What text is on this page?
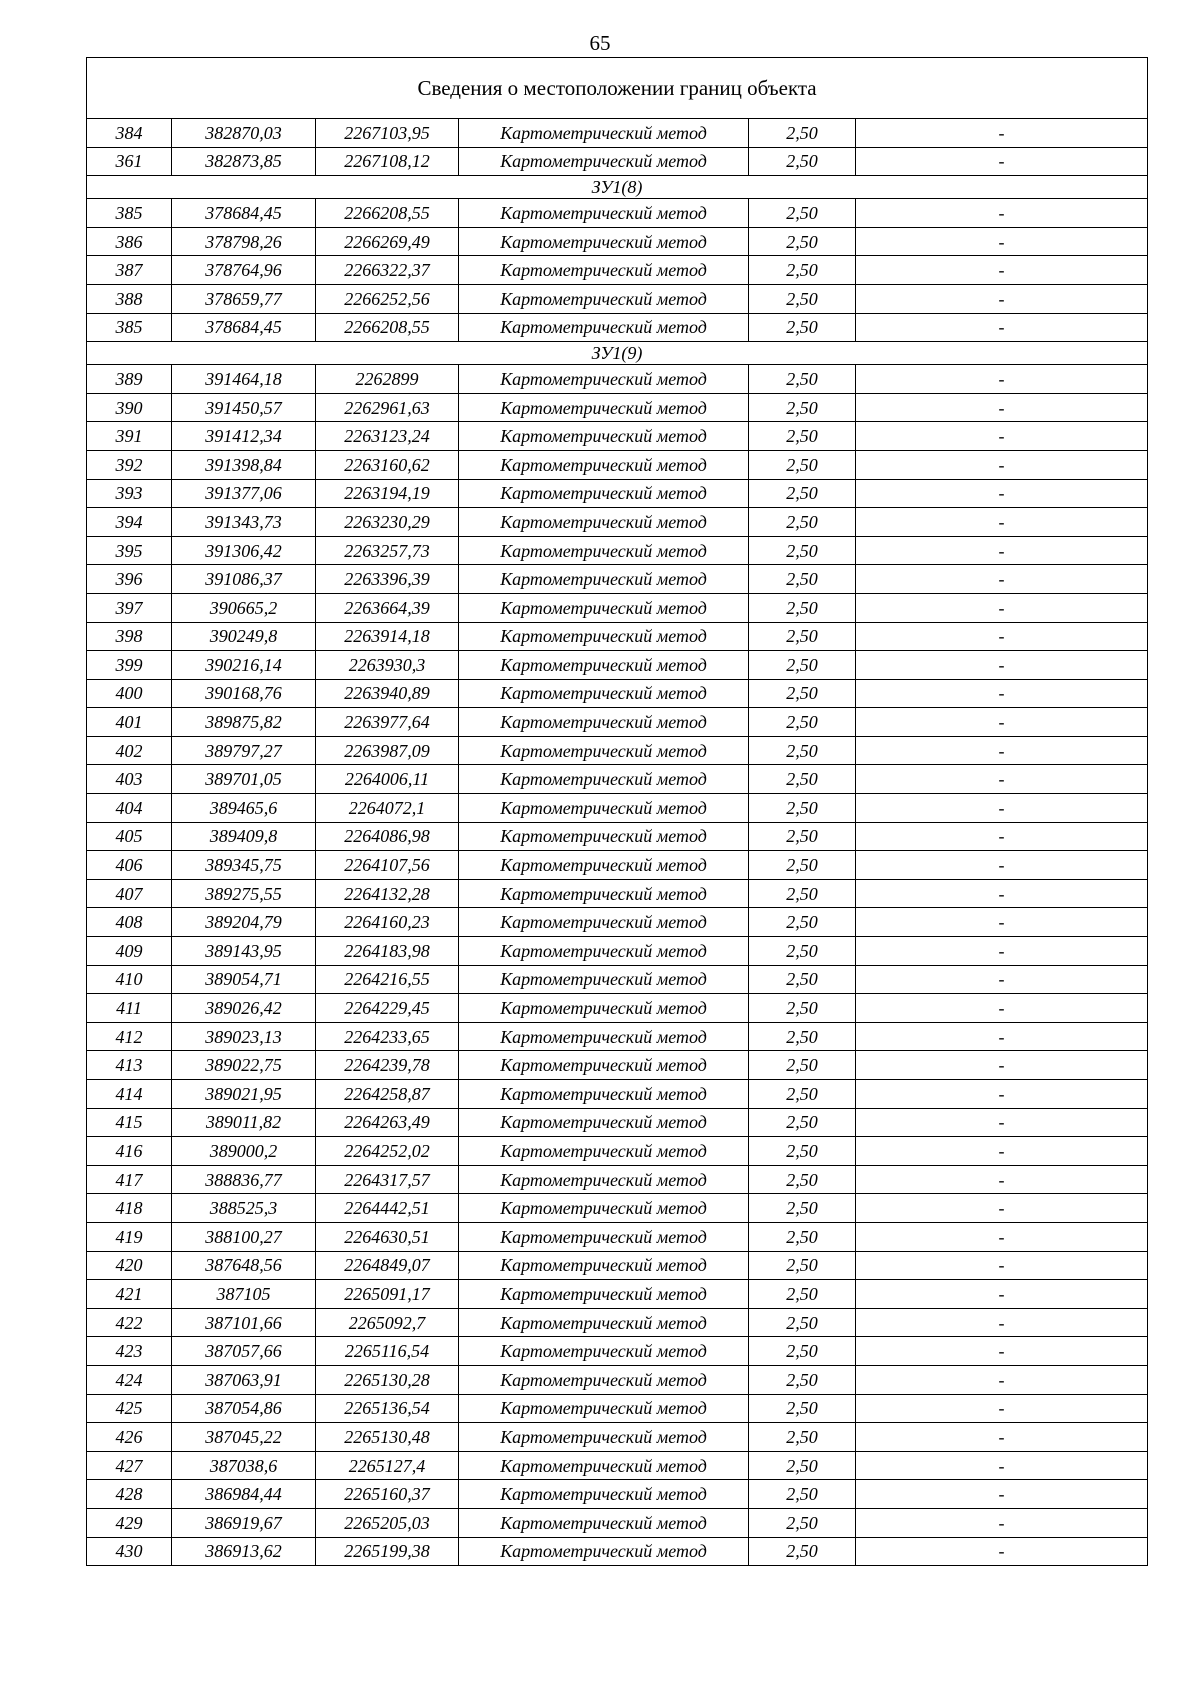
65
Сведения о местоположении границ объекта					
384	382870,03	2267103,95	Картометрический метод	2,50	-
361	382873,85	2267108,12	Картометрический метод	2,50	-
ЗУ1(8)					
385	378684,45	2266208,55	Картометрический метод	2,50	-
386	378798,26	2266269,49	Картометрический метод	2,50	-
387	378764,96	2266322,37	Картометрический метод	2,50	-
388	378659,77	2266252,56	Картометрический метод	2,50	-
385	378684,45	2266208,55	Картометрический метод	2,50	-
ЗУ1(9)					
389	391464,18	2262899	Картометрический метод	2,50	-
390	391450,57	2262961,63	Картометрический метод	2,50	-
391	391412,34	2263123,24	Картометрический метод	2,50	-
392	391398,84	2263160,62	Картометрический метод	2,50	-
393	391377,06	2263194,19	Картометрический метод	2,50	-
394	391343,73	2263230,29	Картометрический метод	2,50	-
395	391306,42	2263257,73	Картометрический метод	2,50	-
396	391086,37	2263396,39	Картометрический метод	2,50	-
397	390665,2	2263664,39	Картометрический метод	2,50	-
398	390249,8	2263914,18	Картометрический метод	2,50	-
399	390216,14	2263930,3	Картометрический метод	2,50	-
400	390168,76	2263940,89	Картометрический метод	2,50	-
401	389875,82	2263977,64	Картометрический метод	2,50	-
402	389797,27	2263987,09	Картометрический метод	2,50	-
403	389701,05	2264006,11	Картометрический метод	2,50	-
404	389465,6	2264072,1	Картометрический метод	2,50	-
405	389409,8	2264086,98	Картометрический метод	2,50	-
406	389345,75	2264107,56	Картометрический метод	2,50	-
407	389275,55	2264132,28	Картометрический метод	2,50	-
408	389204,79	2264160,23	Картометрический метод	2,50	-
409	389143,95	2264183,98	Картометрический метод	2,50	-
410	389054,71	2264216,55	Картометрический метод	2,50	-
411	389026,42	2264229,45	Картометрический метод	2,50	-
412	389023,13	2264233,65	Картометрический метод	2,50	-
413	389022,75	2264239,78	Картометрический метод	2,50	-
414	389021,95	2264258,87	Картометрический метод	2,50	-
415	389011,82	2264263,49	Картометрический метод	2,50	-
416	389000,2	2264252,02	Картометрический метод	2,50	-
417	388836,77	2264317,57	Картометрический метод	2,50	-
418	388525,3	2264442,51	Картометрический метод	2,50	-
419	388100,27	2264630,51	Картометрический метод	2,50	-
420	387648,56	2264849,07	Картометрический метод	2,50	-
421	387105	2265091,17	Картометрический метод	2,50	-
422	387101,66	2265092,7	Картометрический метод	2,50	-
423	387057,66	2265116,54	Картометрический метод	2,50	-
424	387063,91	2265130,28	Картометрический метод	2,50	-
425	387054,86	2265136,54	Картометрический метод	2,50	-
426	387045,22	2265130,48	Картометрический метод	2,50	-
427	387038,6	2265127,4	Картометрический метод	2,50	-
428	386984,44	2265160,37	Картометрический метод	2,50	-
429	386919,67	2265205,03	Картометрический метод	2,50	-
430	386913,62	2265199,38	Картометрический метод	2,50	-
